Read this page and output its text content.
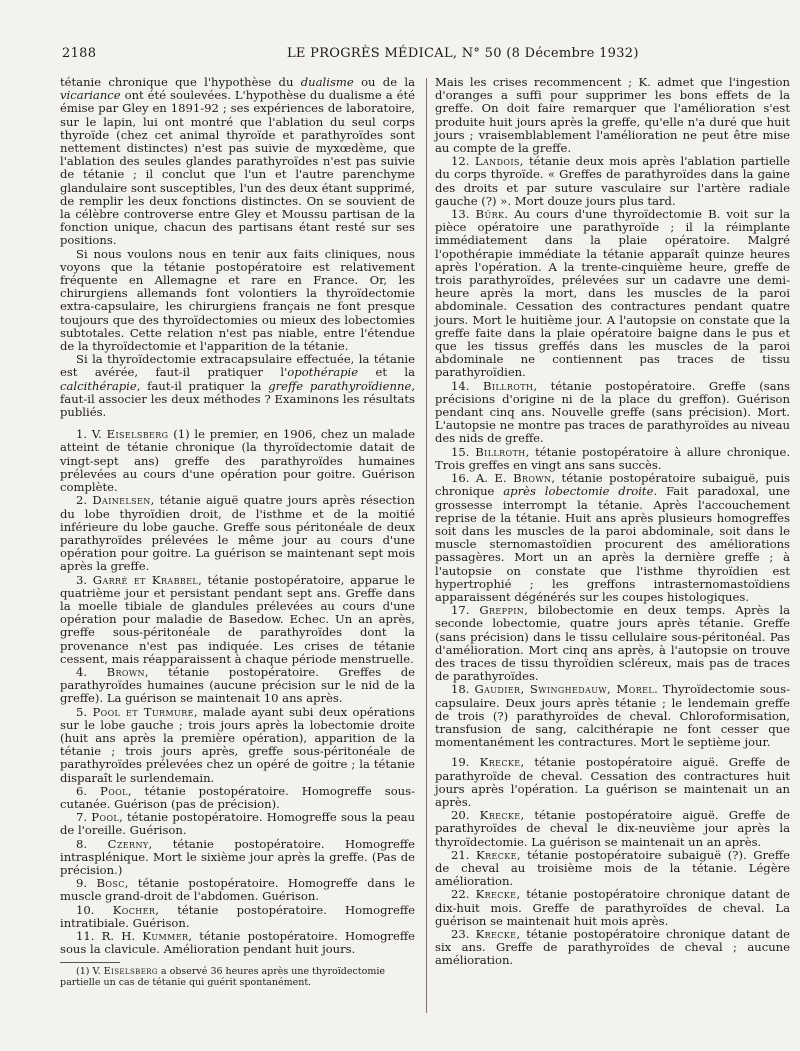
2188	LE PROGRÈS MÉDICAL, N° 50 (8 Décembre 1932)

tétanie chronique que l'hypothèse du dualisme ou de la vicariance ont été soulevées. L'hypothèse du dualisme a été émise par Gley en 1891-92 ; ses expériences de laboratoire, sur le lapin, lui ont montré que l'ablation du seul corps thyroïde (chez cet animal thyroïde et parathyroïdes sont nettement distinctes) n'est pas suivie de myxœdème, que l'ablation des seules glandes parathyroïdes n'est pas suivie de tétanie ; il conclut que l'un et l'autre parenchyme glandulaire sont susceptibles, l'un des deux étant supprimé, de remplir les deux fonctions distinctes. On se souvient de la célèbre controverse entre Gley et Moussu partisan de la fonction unique, chacun des partisans étant resté sur ses positions.

Si nous voulons nous en tenir aux faits cliniques, nous voyons que la tétanie postopératoire est relativement fréquente en Allemagne et rare en France. Or, les chirurgiens allemands font volontiers la thyroïdectomie extra-capsulaire, les chirurgiens français ne font presque toujours que des thyroïdectomies ou mieux des lobectomies subtotales. Cette relation n'est pas niable, entre l'étendue de la thyroïdectomie et l'apparition de la tétanie.

Si la thyroïdectomie extracapsulaire effectuée, la tétanie est avérée, faut-il pratiquer l'opothérapie et la calcithérapie, faut-il pratiquer la greffe parathyroïdienne, faut-il associer les deux méthodes ? Examinons les résultats publiés.

1. V. Eiselsberg (1) le premier, en 1906, chez un malade atteint de tétanie chronique (la thyroïdectomie datait de vingt-sept ans) greffe des parathyroïdes humaines prélevées au cours d'une opération pour goitre. Guérison complète.

2. Dainelsen, tétanie aiguë quatre jours après résection du lobe thyroïdien droit, de l'isthme et de la moitié inférieure du lobe gauche. Greffe sous péritonéale de deux parathyroïdes prélevées le même jour au cours d'une opération pour goitre. La guérison se maintenant sept mois après la greffe.

3. Garré et Krabbel, tétanie postopératoire, apparue le quatrième jour et persistant pendant sept ans. Greffe dans la moelle tibiale de glandules prélevées au cours d'une opération pour maladie de Basedow. Echec. Un an après, greffe sous-péritonéale de parathyroïdes dont la provenance n'est pas indiquée. Les crises de tétanie cessent, mais réapparaissent à chaque période menstruelle.

4. Brown, tétanie postopératoire. Greffes de parathyroïdes humaines (aucune précision sur le nid de la greffe). La guérison se maintenait 10 ans après.

5. Pool et Turmure, malade ayant subi deux opérations sur le lobe gauche ; trois jours après la lobectomie droite (huit ans après la première opération), apparition de la tétanie ; trois jours après, greffe sous-péritonéale de parathyroïdes prélevées chez un opéré de goitre ; la tétanie disparaît le surlendemain.

6. Pool, tétanie postopératoire. Homogreffe sous-cutanée. Guérison (pas de précision).

7. Pool, tétanie postopératoire. Homogreffe sous la peau de l'oreille. Guérison.

8. Czerny, tétanie postopératoire. Homogreffe intrasplénique. Mort le sixième jour après la greffe. (Pas de précision.)

9. Bosc, tétanie postopératoire. Homogreffe dans le muscle grand-droit de l'abdomen. Guérison.

10. Kocher, tétanie postopératoire. Homogreffe intratibiale. Guérison.

11. R. H. Kummer, tétanie postopératoire. Homogreffe sous la clavicule. Amélioration pendant huit jours.

(1) V. Eiselsberg a observé 36 heures après une thyroïdectomie partielle un cas de tétanie qui guérit spontanément.

Mais les crises recommencent ; K. admet que l'ingestion d'oranges a suffi pour supprimer les bons effets de la greffe. On doit faire remarquer que l'amélioration s'est produite huit jours après la greffe, qu'elle n'a duré que huit jours ; vraisemblablement l'amélioration ne peut être mise au compte de la greffe.

12. Landois, tétanie deux mois après l'ablation partielle du corps thyroïde. « Greffes de parathyroïdes dans la gaine des droits et par suture vasculaire sur l'artère radiale gauche (?) ». Mort douze jours plus tard.

13. Bürk. Au cours d'une thyroïdectomie B. voit sur la pièce opératoire une parathyroïde ; il la réimplante immédiatement dans la plaie opératoire. Malgré l'opothérapie immédiate la tétanie apparaît quinze heures après l'opération. A la trente-cinquième heure, greffe de trois parathyroïdes, prélevées sur un cadavre une demi-heure après la mort, dans les muscles de la paroi abdominale. Cessation des contractures pendant quatre jours. Mort le huitième jour. A l'autopsie on constate que la greffe faite dans la plaie opératoire baigne dans le pus et que les tissus greffés dans les muscles de la paroi abdominale ne contiennent pas traces de tissu parathyroïdien.

14. Billroth, tétanie postopératoire. Greffe (sans précisions d'origine ni de la place du greffon). Guérison pendant cinq ans. Nouvelle greffe (sans précision). Mort. L'autopsie ne montre pas traces de parathyroïdes au niveau des nids de greffe.

15. Billroth, tétanie postopératoire à allure chronique. Trois greffes en vingt ans sans succès.

16. A. E. Brown, tétanie postopératoire subaiguë, puis chronique après lobectomie droite. Fait paradoxal, une grossesse interrompt la tétanie. Après l'accouchement reprise de la tétanie. Huit ans après plusieurs homogreffes soit dans les muscles de la paroi abdominale, soit dans le muscle sternomastoïdien procurent des améliorations passagères. Mort un an après la dernière greffe ; à l'autopsie on constate que l'isthme thyroïdien est hypertrophié ; les greffons intrasternomastoïdiens apparaissent dégénérés sur les coupes histologiques.

17. Greppin, bilobectomie en deux temps. Après la seconde lobectomie, quatre jours après tétanie. Greffe (sans précision) dans le tissu cellulaire sous-péritonéal. Pas d'amélioration. Mort cinq ans après, à l'autopsie on trouve des traces de tissu thyroïdien scléreux, mais pas de traces de parathyroïdes.

18. Gaudier, Swinghedauw, Morel. Thyroïdectomie sous-capsulaire. Deux jours après tétanie ; le lendemain greffe de trois (?) parathyroïdes de cheval. Chloroformisation, transfusion de sang, calcithérapie ne font cesser que momentanément les contractures. Mort le septième jour.

19. Krecke, tétanie postopératoire aiguë. Greffe de parathyroïde de cheval. Cessation des contractures huit jours après l'opération. La guérison se maintenait un an après.

20. Krecke, tétanie postopératoire aiguë. Greffe de parathyroïdes de cheval le dix-neuvième jour après la thyroïdectomie. La guérison se maintenait un an après.

21. Krecke, tétanie postopératoire subaiguë (?). Greffe de cheval au troisième mois de la tétanie. Légère amélioration.

22. Krecke, tétanie postopératoire chronique datant de dix-huit mois. Greffe de parathyroïdes de cheval. La guérison se maintenait huit mois après.

23. Krecke, tétanie postopératoire chronique datant de six ans. Greffe de parathyroïdes de cheval ; aucune amélioration.
